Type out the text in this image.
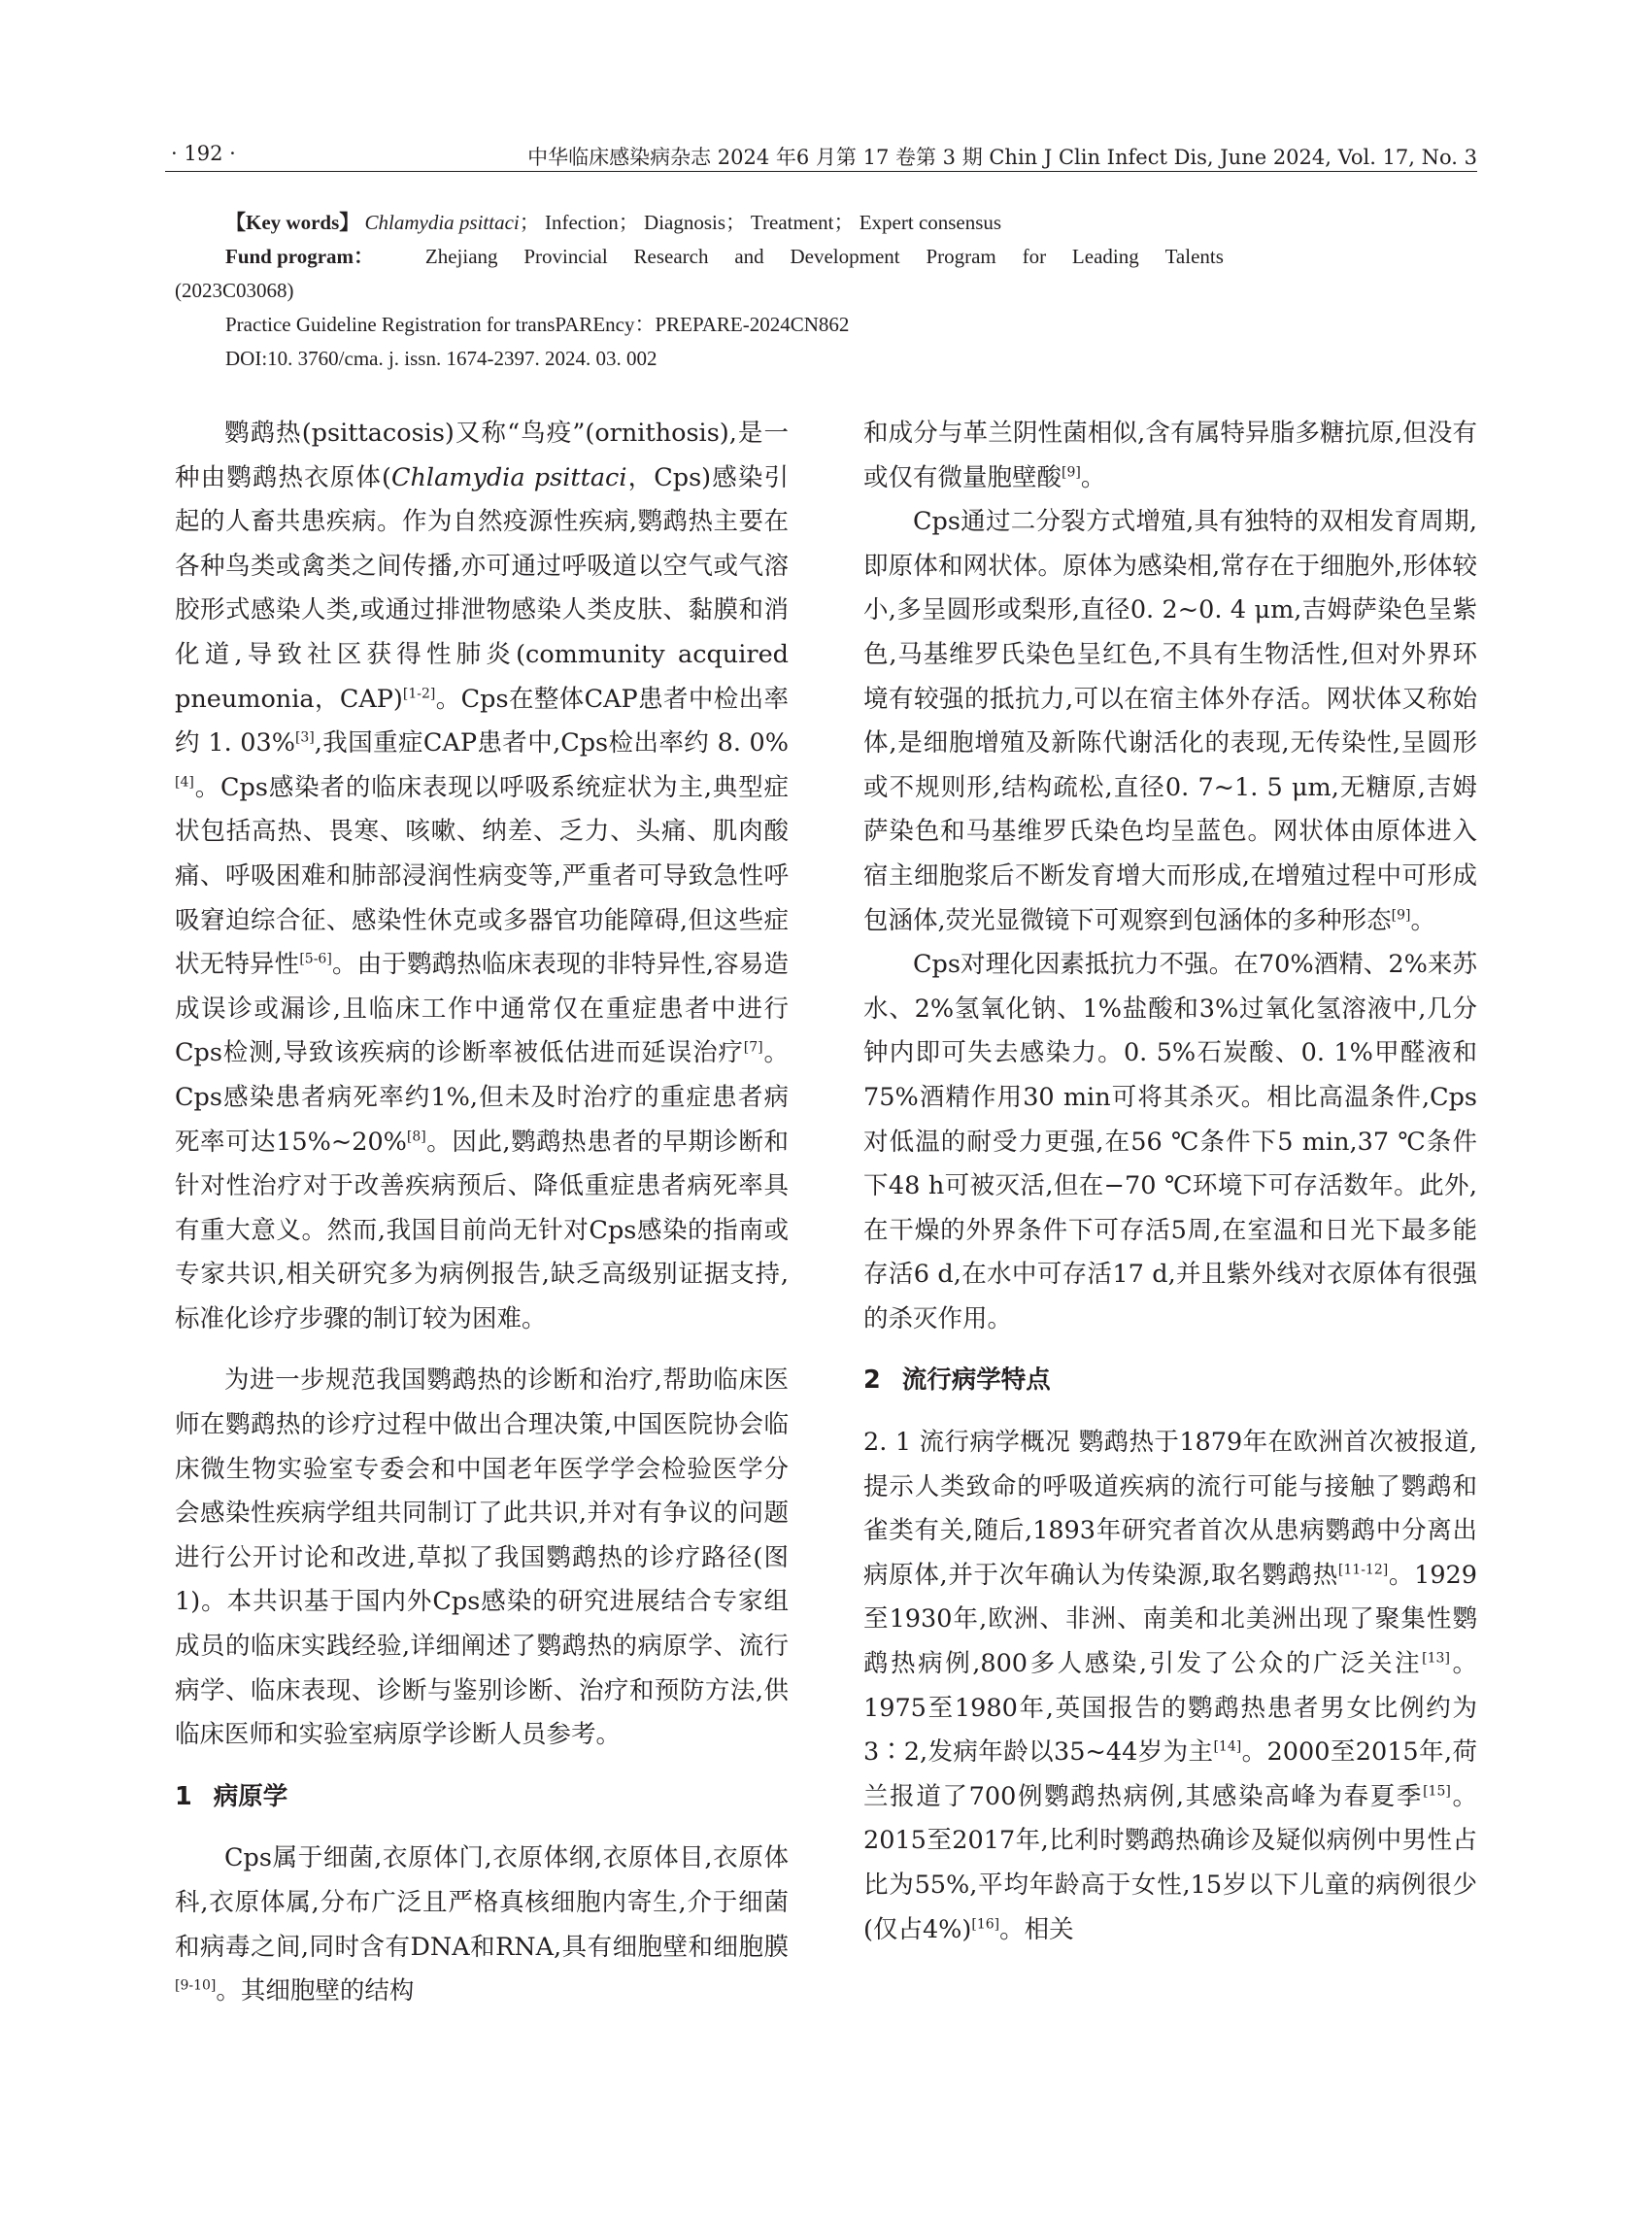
· 192 ·	中华临床感染病杂志 2024 年6 月第 17 卷第 3 期 Chin J Clin Infect Dis, June 2024, Vol. 17, No. 3
【Key words】 Chlamydia psittaci； Infection； Diagnosis； Treatment； Expert consensus
Fund program：	Zhejiang Provincial Research and Development Program for Leading Talents
(2023C03068)
Practice Guideline Registration for transPAREncy：PREPARE-2024CN862
DOI:10. 3760/cma. j. issn. 1674-2397. 2024. 03. 002

鹦鹉热(psittacosis)又称“鸟疫”(ornithosis),是一种由鹦鹉热衣原体(Chlamydia psittaci，Cps)感染引起的人畜共患疾病。作为自然疫源性疾病,鹦鹉热主要在各种鸟类或禽类之间传播,亦可通过呼吸道以空气或气溶胶形式感染人类,或通过排泄物感染人类皮肤、黏膜和消化道,导致社区获得性肺炎(community acquired pneumonia，CAP)[1-2]。Cps在整体CAP患者中检出率约 1. 03%[3],我国重症CAP患者中,Cps检出率约 8. 0%[4]。Cps感染者的临床表现以呼吸系统症状为主,典型症状包括高热、畏寒、咳嗽、纳差、乏力、头痛、肌肉酸痛、呼吸困难和肺部浸润性病变等,严重者可导致急性呼吸窘迫综合征、感染性休克或多器官功能障碍,但这些症状无特异性[5-6]。由于鹦鹉热临床表现的非特异性,容易造成误诊或漏诊,且临床工作中通常仅在重症患者中进行Cps检测,导致该疾病的诊断率被低估进而延误治疗[7]。Cps感染患者病死率约1%,但未及时治疗的重症患者病死率可达15%~20%[8]。因此,鹦鹉热患者的早期诊断和针对性治疗对于改善疾病预后、降低重症患者病死率具有重大意义。然而,我国目前尚无针对Cps感染的指南或专家共识,相关研究多为病例报告,缺乏高级别证据支持,标准化诊疗步骤的制订较为困难。

为进一步规范我国鹦鹉热的诊断和治疗,帮助临床医师在鹦鹉热的诊疗过程中做出合理决策,中国医院协会临床微生物实验室专委会和中国老年医学学会检验医学分会感染性疾病学组共同制订了此共识,并对有争议的问题进行公开讨论和改进,草拟了我国鹦鹉热的诊疗路径(图1)。本共识基于国内外Cps感染的研究进展结合专家组成员的临床实践经验,详细阐述了鹦鹉热的病原学、流行病学、临床表现、诊断与鉴别诊断、治疗和预防方法,供临床医师和实验室病原学诊断人员参考。

1 病原学

Cps属于细菌,衣原体门,衣原体纲,衣原体目,衣原体科,衣原体属,分布广泛且严格真核细胞内寄生,介于细菌和病毒之间,同时含有DNA和RNA,具有细胞壁和细胞膜[9-10]。其细胞壁的结构

和成分与革兰阴性菌相似,含有属特异脂多糖抗原,但没有或仅有微量胞壁酸[9]。

Cps通过二分裂方式增殖,具有独特的双相发育周期,即原体和网状体。原体为感染相,常存在于细胞外,形体较小,多呈圆形或梨形,直径0. 2~0. 4 μm,吉姆萨染色呈紫色,马基维罗氏染色呈红色,不具有生物活性,但对外界环境有较强的抵抗力,可以在宿主体外存活。网状体又称始体,是细胞增殖及新陈代谢活化的表现,无传染性,呈圆形或不规则形,结构疏松,直径0. 7~1. 5 μm,无糖原,吉姆萨染色和马基维罗氏染色均呈蓝色。网状体由原体进入宿主细胞浆后不断发育增大而形成,在增殖过程中可形成包涵体,荧光显微镜下可观察到包涵体的多种形态[9]。

Cps对理化因素抵抗力不强。在70%酒精、2%来苏水、2%氢氧化钠、1%盐酸和3%过氧化氢溶液中,几分钟内即可失去感染力。0. 5%石炭酸、0. 1%甲醛液和75%酒精作用30 min可将其杀灭。相比高温条件,Cps对低温的耐受力更强,在56 ℃条件下5 min,37 ℃条件下48 h可被灭活,但在−70 ℃环境下可存活数年。此外,在干燥的外界条件下可存活5周,在室温和日光下最多能存活6 d,在水中可存活17 d,并且紫外线对衣原体有很强的杀灭作用。

2 流行病学特点

2. 1 流行病学概况 鹦鹉热于1879年在欧洲首次被报道,提示人类致命的呼吸道疾病的流行可能与接触了鹦鹉和雀类有关,随后,1893年研究者首次从患病鹦鹉中分离出病原体,并于次年确认为传染源,取名鹦鹉热[11-12]。1929至1930年,欧洲、非洲、南美和北美洲出现了聚集性鹦鹉热病例,800多人感染,引发了公众的广泛关注[13]。1975至1980年,英国报告的鹦鹉热患者男女比例约为3∶2,发病年龄以35~44岁为主[14]。2000至2015年,荷兰报道了700例鹦鹉热病例,其感染高峰为春夏季[15]。2015至2017年,比利时鹦鹉热确诊及疑似病例中男性占比为55%,平均年龄高于女性,15岁以下儿童的病例很少(仅占4%)[16]。相关
